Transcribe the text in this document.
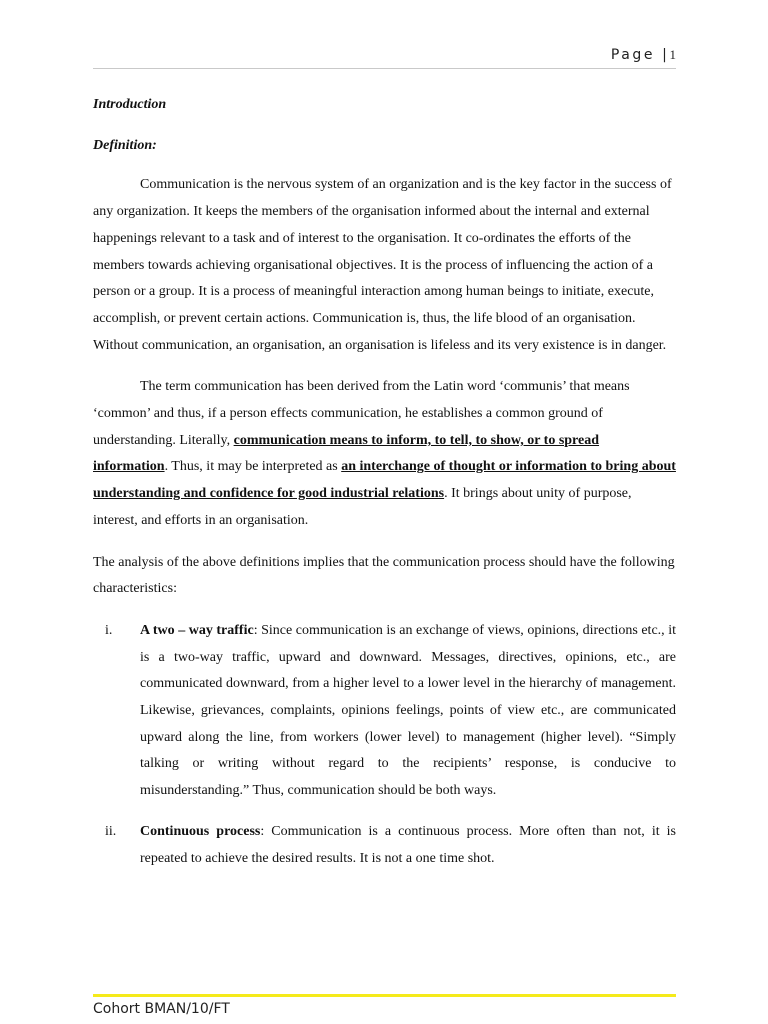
Page |1

Introduction

Definition:

Communication is the nervous system of an organization and is the key factor in the success of any organization. It keeps the members of the organisation informed about the internal and external happenings relevant to a task and of interest to the organisation. It co-ordinates the efforts of the members towards achieving organisational objectives. It is the process of influencing the action of a person or a group. It is a process of meaningful interaction among human beings to initiate, execute, accomplish, or prevent certain actions. Communication is, thus, the life blood of an organisation. Without communication, an organisation, an organisation is lifeless and its very existence is in danger.

The term communication has been derived from the Latin word ‘communis’ that means ‘common’ and thus, if a person effects communication, he establishes a common ground of understanding. Literally, communication means to inform, to tell, to show, or to spread information. Thus, it may be interpreted as an interchange of thought or information to bring about understanding and confidence for good industrial relations. It brings about unity of purpose, interest, and efforts in an organisation.

The analysis of the above definitions implies that the communication process should have the following characteristics:

i. A two – way traffic: Since communication is an exchange of views, opinions, directions etc., it is a two-way traffic, upward and downward. Messages, directives, opinions, etc., are communicated downward, from a higher level to a lower level in the hierarchy of management. Likewise, grievances, complaints, opinions feelings, points of view etc., are communicated upward along the line, from workers (lower level) to management (higher level). “Simply talking or writing without regard to the recipients’ response, is conducive to misunderstanding.” Thus, communication should be both ways.
ii. Continuous process: Communication is a continuous process. More often than not, it is repeated to achieve the desired results. It is not a one time shot.
Cohort BMAN/10/FT
